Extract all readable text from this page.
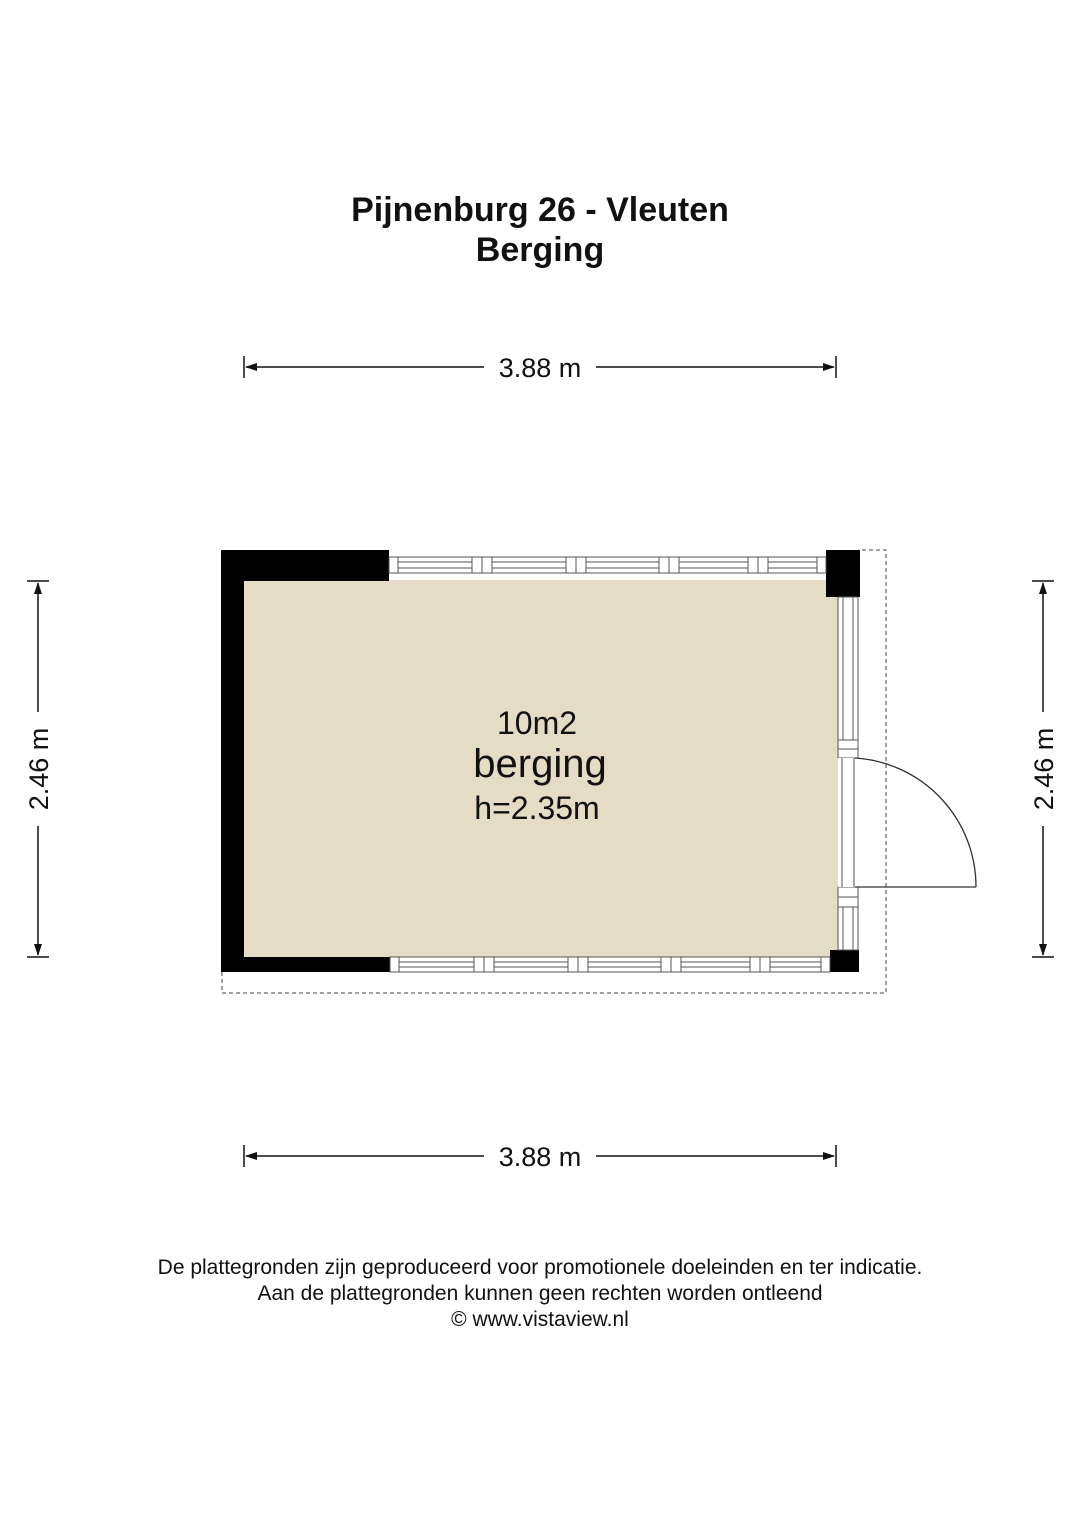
Pijnenburg 26 - Vleuten
Berging
3.88 m
3.88 m
2.46 m	2.46 m
10m2
berging
h=2.35m
De plattegronden zijn geproduceerd voor promotionele doeleinden en ter indicatie.
Aan de plattegronden kunnen geen rechten worden ontleend
© www.vistaview.nl
